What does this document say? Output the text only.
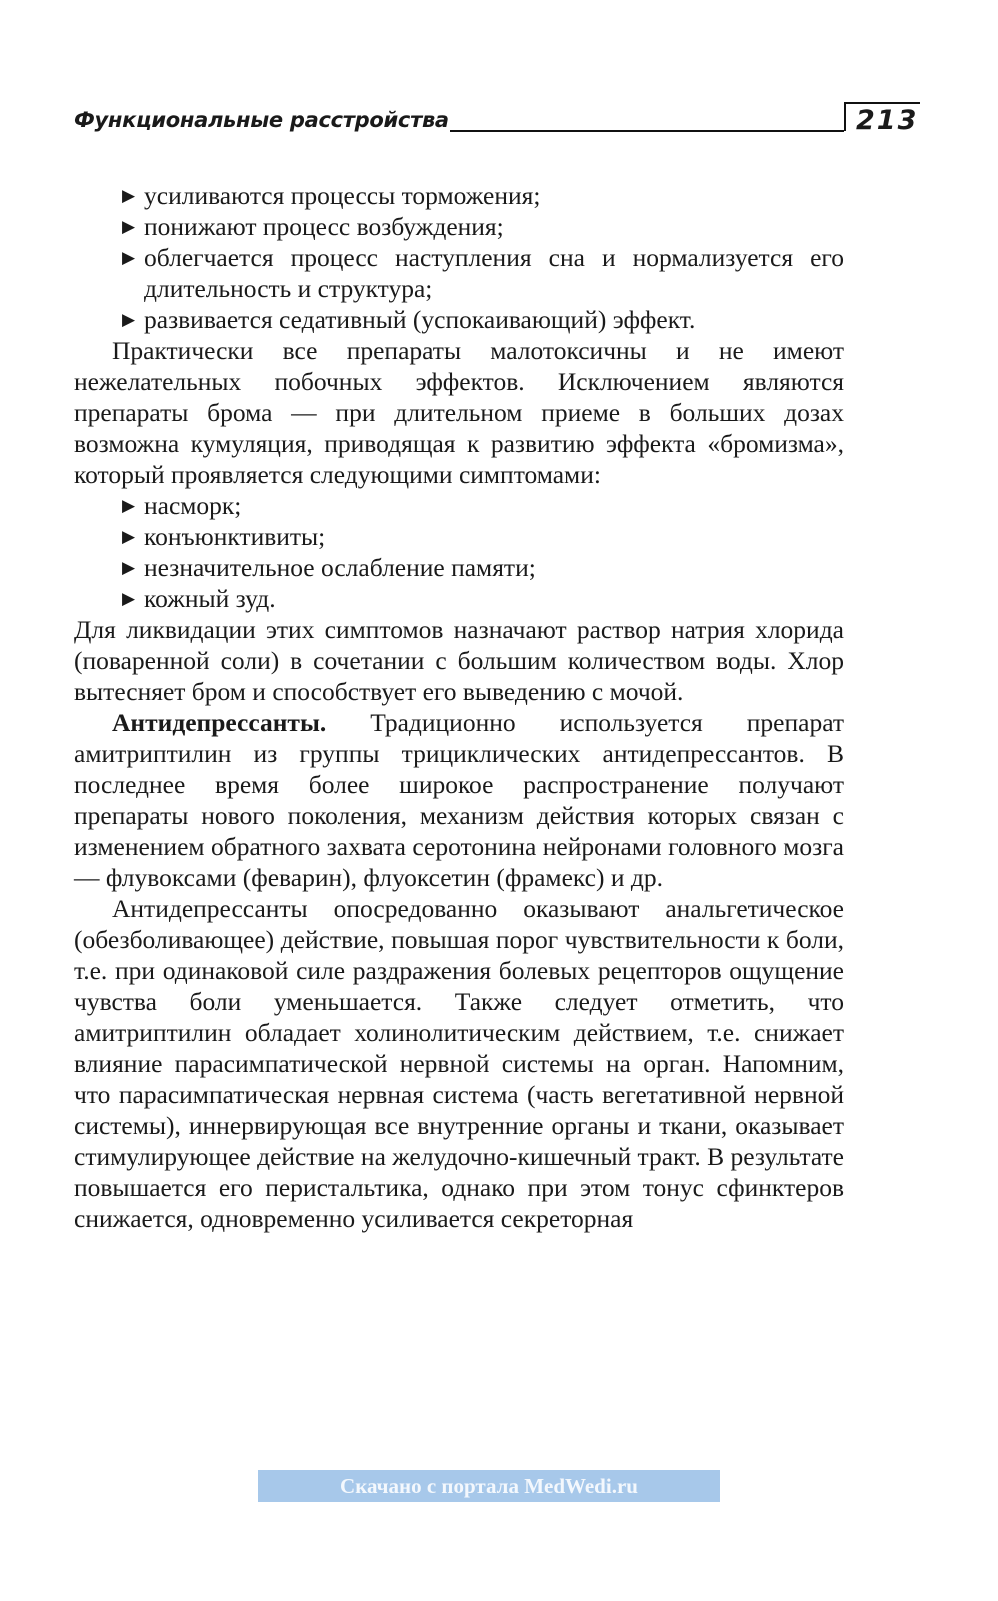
Функциональные расстройства	213
▶ усиливаются процессы торможения;
▶ понижают процесс возбуждения;
▶ облегчается процесс наступления сна и нормализуется его длительность и структура;
▶ развивается седативный (успокаивающий) эффект.

Практически все препараты малотоксичны и не имеют нежелательных побочных эффектов. Исключением являются препараты брома — при длительном приеме в больших дозах возможна кумуляция, приводящая к развитию эффекта «бромизма», который проявляется следующими симптомами:

▶ насморк;
▶ конъюнктивиты;
▶ незначительное ослабление памяти;
▶ кожный зуд.

Для ликвидации этих симптомов назначают раствор натрия хлорида (поваренной соли) в сочетании с большим количеством воды. Хлор вытесняет бром и способствует его выведению с мочой.

Антидепрессанты. Традиционно используется препарат амитриптилин из группы трициклических антидепрессантов. В последнее время более широкое распространение получают препараты нового поколения, механизм действия которых связан с изменением обратного захвата серотонина нейронами головного мозга — флувоксами (феварин), флуоксетин (фрамекс) и др.

Антидепрессанты опосредованно оказывают анальгетическое (обезболивающее) действие, повышая порог чувствительности к боли, т.е. при одинаковой силе раздражения болевых рецепторов ощущение чувства боли уменьшается. Также следует отметить, что амитриптилин обладает холинолитическим действием, т.е. снижает влияние парасимпатической нервной системы на орган. Напомним, что парасимпатическая нервная система (часть вегетативной нервной системы), иннервирующая все внутренние органы и ткани, оказывает стимулирующее действие на желудочно-кишечный тракт. В результате повышается его перистальтика, однако при этом тонус сфинктеров снижается, одновременно усиливается секреторная

Скачано с портала MedWedi.ru
